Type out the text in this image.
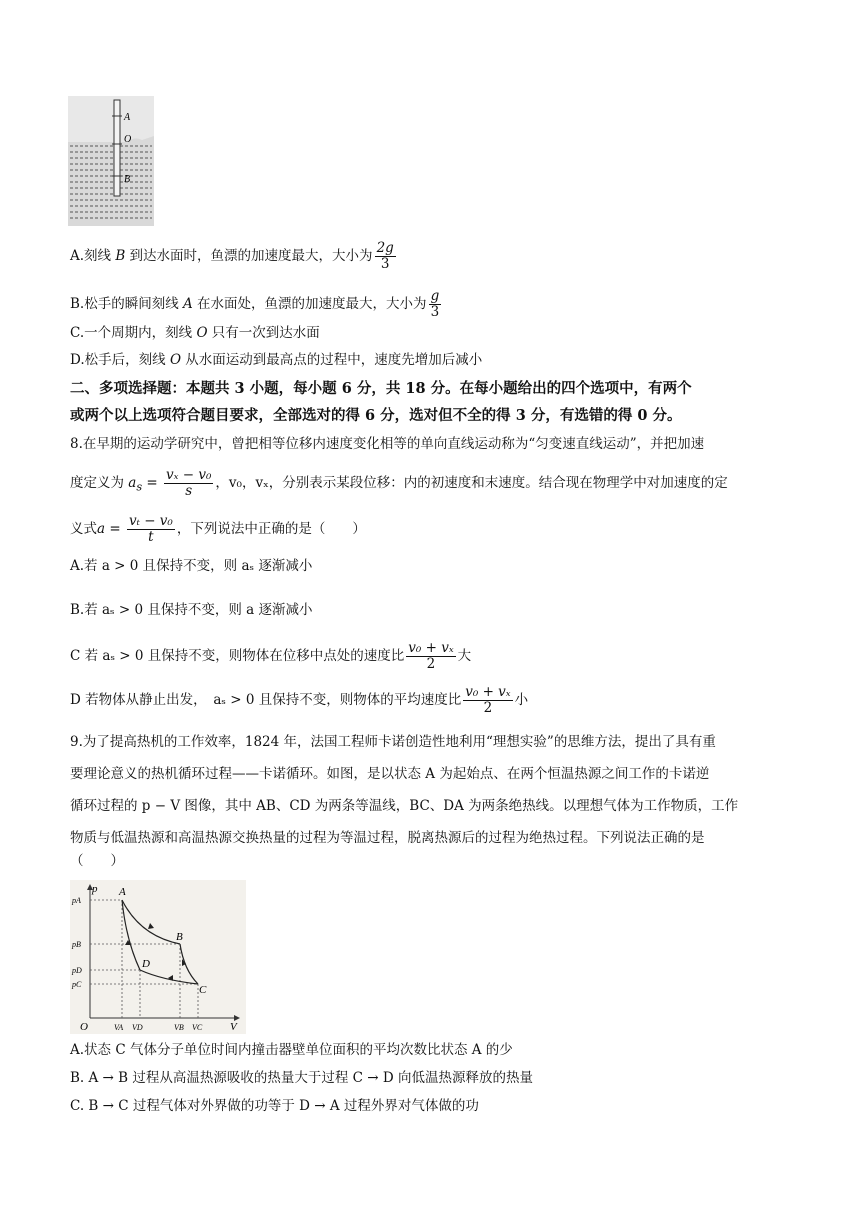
A
O
B
A.刻线 B 到达水面时，鱼漂的加速度最大，大小为 $\frac{2g}{3}$
B.松手的瞬间刻线 A 在水面处，鱼漂的加速度最大，大小为 $\frac{g}{3}$
C.一个周期内，刻线 O 只有一次到达水面
D.松手后，刻线 O 从水面运动到最高点的过程中，速度先增加后减小
二、多项选择题：本题共 3 小题，每小题 6 分，共 18 分。在每小题给出的四个选项中，有两个
或两个以上选项符合题目要求，全部选对的得 6 分，选对但不全的得 3 分，有选错的得 0 分。
8.在早期的运动学研究中，曾把相等位移内速度变化相等的单向直线运动称为“匀变速直线运动”，并把加速
度定义为 $a_s = \frac{\text{vₓ − v₀}}{s}$ ，v₀，vₓ，分别表示某段位移：内的初速度和末速度。结合现在物理学中对加速度的定
义式$a = \frac{\text{vₜ − v₀}}{t}$ ，下列说法中正确的是（　　）
A.若 a > 0 且保持不变，则 aₛ 逐渐减小
B.若 aₛ > 0 且保持不变，则 a 逐渐减小
C 若 aₛ > 0 且保持不变，则物体在位移中点处的速度比 $\frac{\text{v₀ + vₓ}}{2}$ 大
D 若物体从静止出发，　aₛ > 0 且保持不变，则物体的平均速度比 $\frac{\text{v₀ + vₓ}}{2}$ 小
9.为了提高热机的工作效率，1824 年，法国工程师卡诺创造性地利用“理想实验”的思维方法，提出了具有重
要理论意义的热机循环过程——卡诺循环。如图，是以状态 A 为起始点、在两个恒温热源之间工作的卡诺逆
循环过程的 p − V 图像，其中 AB、CD 为两条等温线，BC、DA 为两条绝热线。以理想气体为工作物质，工作
物质与低温热源和高温热源交换热量的过程为等温过程，脱离热源后的过程为绝热过程。下列说法正确的是
（　　）
A
B
C
D
p
V
O
pA
pB
pD
pC
VA VD	VB VC
A.状态 C 气体分子单位时间内撞击器壁单位面积的平均次数比状态 A 的少
B. A → B 过程从高温热源吸收的热量大于过程 C → D 向低温热源释放的热量
C. B → C 过程气体对外界做的功等于 D → A 过程外界对气体做的功
